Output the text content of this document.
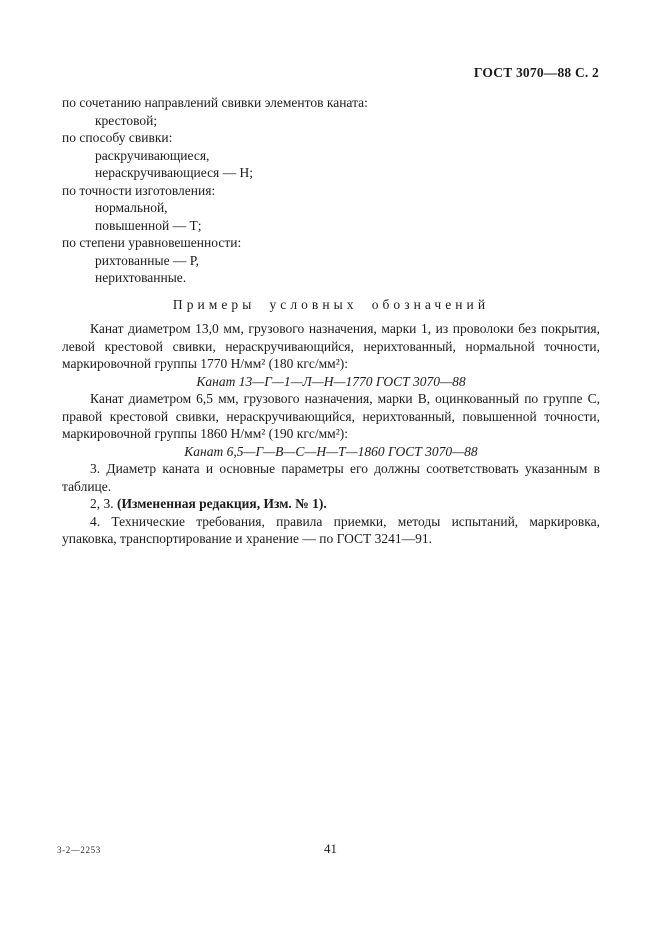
ГОСТ 3070—88 С. 2
по сочетанию направлений свивки элементов каната:
крестовой;
по способу свивки:
раскручивающиеся,
нераскручивающиеся — Н;
по точности изготовления:
нормальной,
повышенной — Т;
по степени уравновешенности:
рихтованные — Р,
нерихтованные.
Примеры условных обозначений
Канат диаметром 13,0 мм, грузового назначения, марки 1, из проволоки без покрытия, левой крестовой свивки, нераскручивающийся, нерихтованный, нормальной точности, маркировочной группы 1770 Н/мм² (180 кгс/мм²):
Канат 13—Г—1—Л—Н—1770 ГОСТ 3070—88
Канат диаметром 6,5 мм, грузового назначения, марки В, оцинкованный по группе С, правой крестовой свивки, нераскручивающийся, нерихтованный, повышенной точности, маркировочной группы 1860 Н/мм² (190 кгс/мм²):
Канат 6,5—Г—В—С—Н—Т—1860 ГОСТ 3070—88
3. Диаметр каната и основные параметры его должны соответствовать указанным в таблице.
2, 3. (Измененная редакция, Изм. № 1).
4. Технические требования, правила приемки, методы испытаний, маркировка, упаковка, транспортирование и хранение — по ГОСТ 3241—91.
3-2—2253	41
